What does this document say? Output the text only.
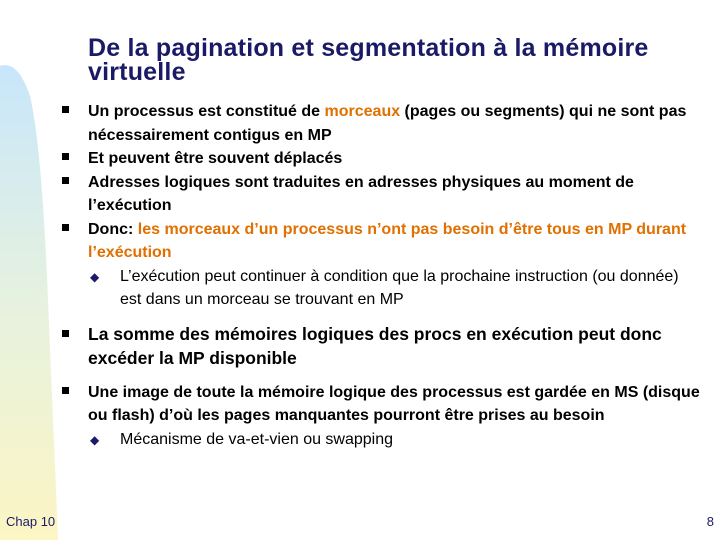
De la pagination et segmentation à la mémoire virtuelle
Un processus est constitué de morceaux (pages ou segments) qui ne sont pas nécessairement contigus en MP
Et peuvent être souvent déplacés
Adresses logiques sont traduites en adresses physiques au moment de l’exécution
Donc: les morceaux d’un processus n’ont pas besoin d’être tous en MP durant l’exécution
◆ L’exécution peut continuer à condition que la prochaine instruction (ou donnée) est dans un morceau se trouvant en MP
La somme des mémoires logiques des procs en exécution peut donc excéder la MP disponible
Une image de toute la mémoire logique des processus est gardée en MS (disque ou flash) d’où les pages manquantes pourront être prises au besoin
◆ Mécanisme de va-et-vien ou swapping
Chap 10	8
